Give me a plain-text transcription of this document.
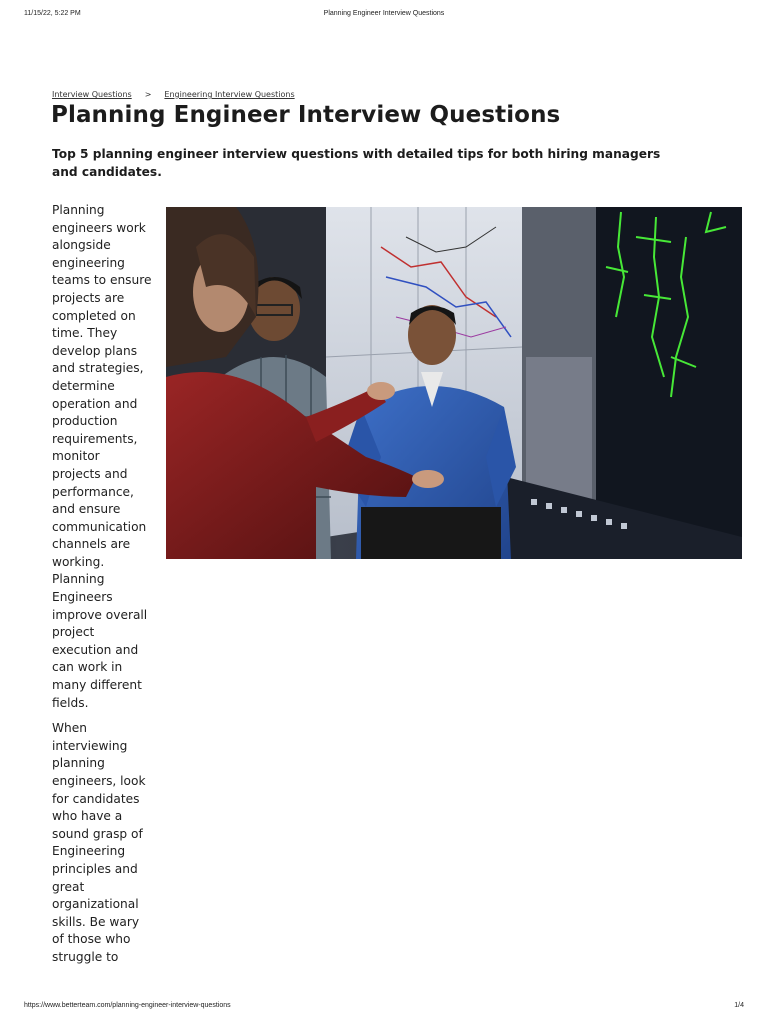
11/15/22, 5:22 PM	Planning Engineer Interview Questions
Interview Questions > Engineering Interview Questions
Planning Engineer Interview Questions

Top 5 planning engineer interview questions with detailed tips for both hiring managers and candidates.

Planning engineers work alongside engineering teams to ensure projects are completed on time. They develop plans and strategies, determine operation and production requirements, monitor projects and performance, and ensure communication channels are working. Planning Engineers improve overall project execution and can work in many different fields.

When interviewing planning engineers, look for candidates who have a sound grasp of Engineering principles and great organizational skills. Be wary of those who struggle to

https://www.betterteam.com/planning-engineer-interview-questions	1/4
